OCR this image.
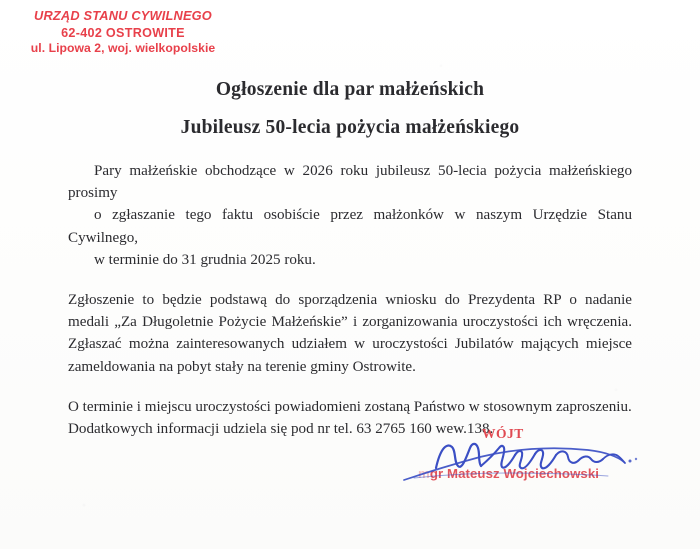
URZĄD STANU CYWILNEGO
62-402 OSTROWITE
ul. Lipowa 2, woj. wielkopolskie
Ogłoszenie dla par małżeńskich
Jubileusz 50-lecia pożycia małżeńskiego

Pary małżeńskie obchodzące w 2026 roku jubileusz 50-lecia pożycia małżeńskiego prosimy
o zgłaszanie tego faktu osobiście przez małżonków w naszym Urzędzie Stanu Cywilnego,
w terminie do 31 grudnia 2025 roku.

Zgłoszenie to będzie podstawą do sporządzenia wniosku do Prezydenta RP o nadanie
medali „Za Długoletnie Pożycie Małżeńskie” i zorganizowania uroczystości ich wręczenia.
Zgłaszać można zainteresowanych udziałem w uroczystości Jubilatów mających miejsce
zameldowania na pobyt stały na terenie gminy Ostrowite.

O terminie i miejscu uroczystości powiadomieni zostaną Państwo w stosownym zaproszeniu.
Dodatkowych informacji udziela się pod nr tel. 63 2765 160 wew.138.

WÓJT
mgr Mateusz Wojciechowski
